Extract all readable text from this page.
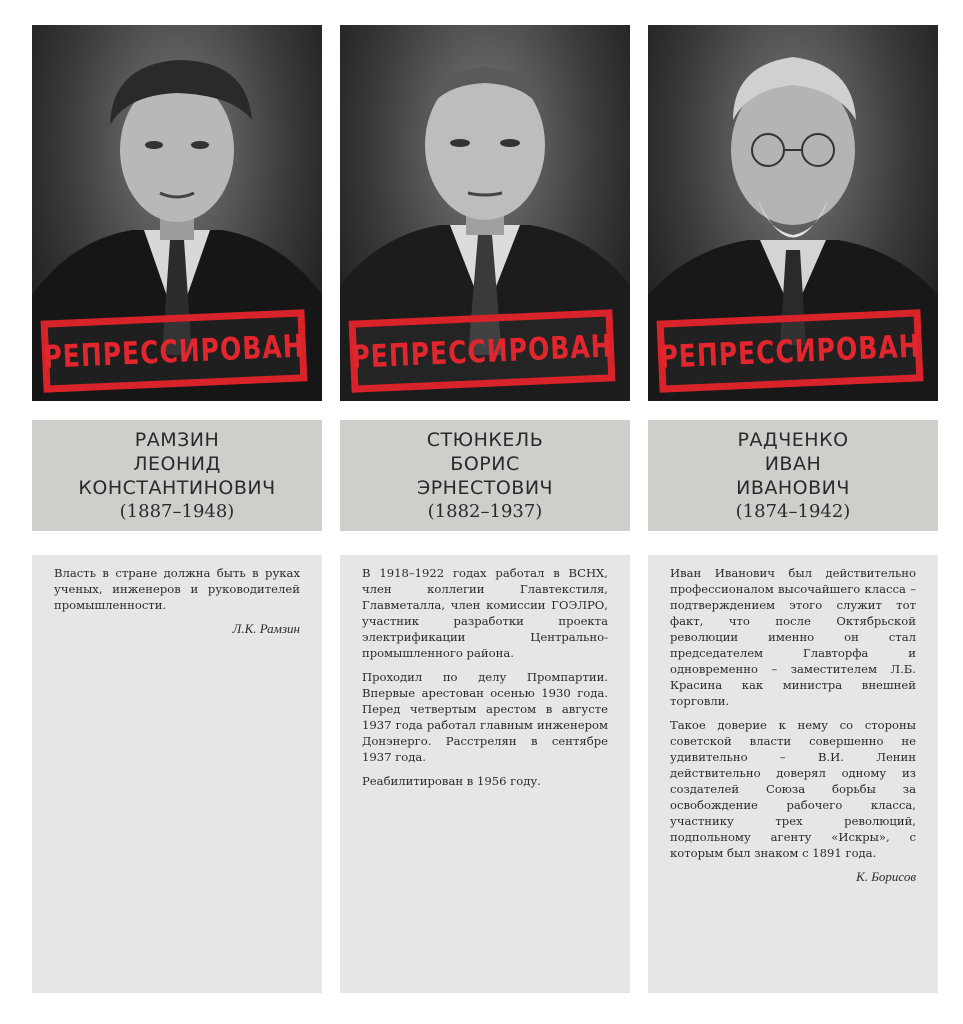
РЕПРЕССИРОВАН
РАМЗИН
ЛЕОНИД
КОНСТАНТИНОВИЧ
(1887–1948)

Власть в стране должна быть в руках ученых, инженеров и руководителей промышленности.

Л.К. Рамзин
РЕПРЕССИРОВАН
СТЮНКЕЛЬ
БОРИС
ЭРНЕСТОВИЧ
(1882–1937)

В 1918–1922 годах работал в ВСНХ, член коллегии Главтекстиля, Главметалла, член комиссии ГОЭЛРО, участник разработки проекта электрификации Центрально-промышленного района.

Проходил по делу Промпартии. Впервые арестован осенью 1930 года. Перед четвертым арестом в августе 1937 года работал главным инженером Донэнерго. Расстрелян в сентябре 1937 года.

Реабилитирован в 1956 году.

РЕПРЕССИРОВАН
РАДЧЕНКО
ИВАН
ИВАНОВИЧ
(1874–1942)

Иван Иванович был действительно профессионалом высочайшего класса – подтверждением этого служит тот факт, что после Октябрьской революции именно он стал председателем Главторфа и одновременно – заместителем Л.Б. Красина как министра внешней торговли.

Такое доверие к нему со стороны советской власти совершенно не удивительно – В.И. Ленин действительно доверял одному из создателей Союза борьбы за освобождение рабочего класса, участнику трех революций, подпольному агенту «Искры», с которым был знаком с 1891 года.

К. Борисов
